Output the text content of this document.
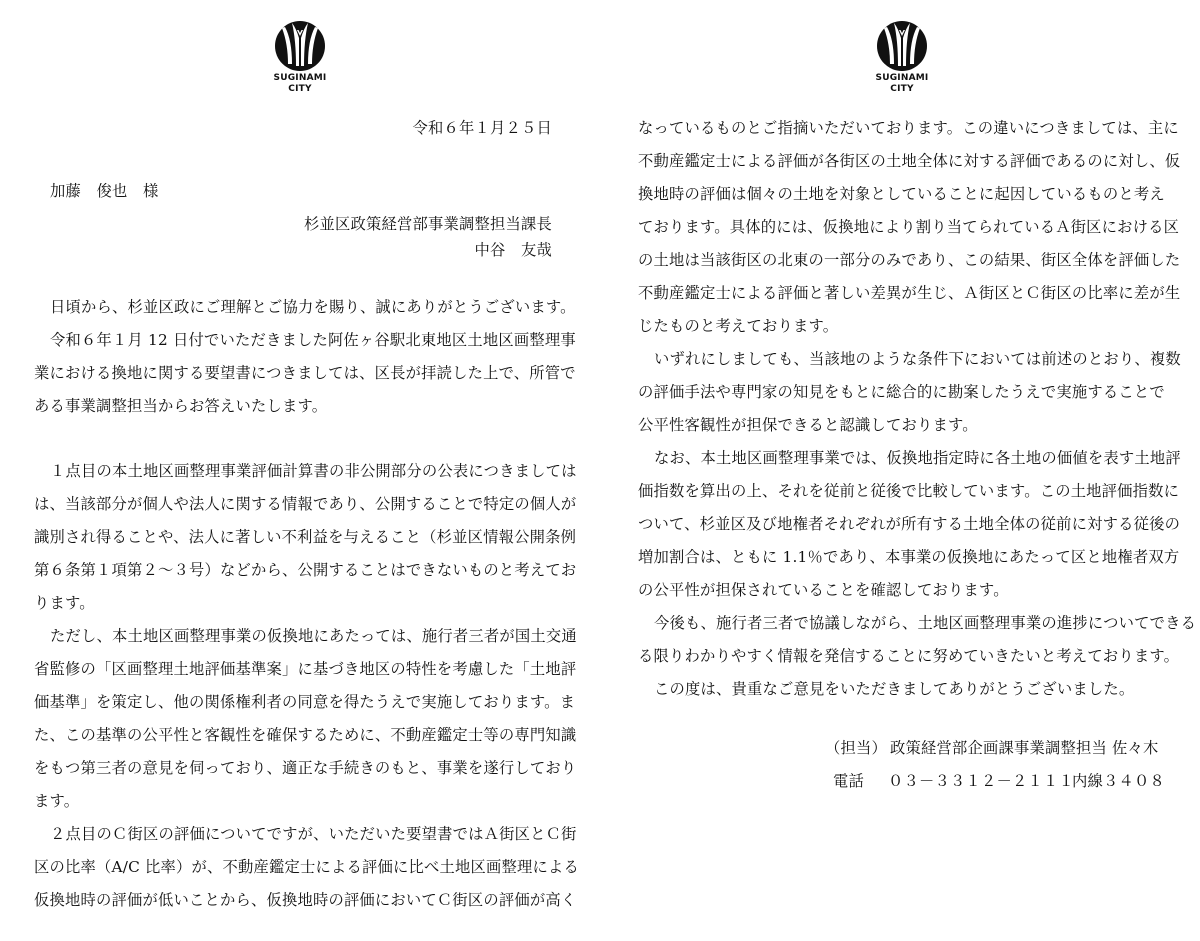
SUGINAMI
CITY
令和６年１月２５日
加藤　俊也　様
杉並区政策経営部事業調整担当課長
中谷　友哉
日頃から、杉並区政にご理解とご協力を賜り、誠にありがとうございます。
令和６年１月 12 日付でいただきました阿佐ヶ谷駅北東地区土地区画整理事
業における換地に関する要望書につきましては、区長が拝読した上で、所管で
ある事業調整担当からお答えいたします。
１点目の本土地区画整理事業評価計算書の非公開部分の公表につきましては
は、当該部分が個人や法人に関する情報であり、公開することで特定の個人が
識別され得ることや、法人に著しい不利益を与えること（杉並区情報公開条例
第６条第１項第２～３号）などから、公開することはできないものと考えてお
ります。
ただし、本土地区画整理事業の仮換地にあたっては、施行者三者が国土交通
省監修の「区画整理土地評価基準案」に基づき地区の特性を考慮した「土地評
価基準」を策定し、他の関係権利者の同意を得たうえで実施しております。ま
た、この基準の公平性と客観性を確保するために、不動産鑑定士等の専門知識
をもつ第三者の意見を伺っており、適正な手続きのもと、事業を遂行しており
ます。
２点目のＣ街区の評価についてですが、いただいた要望書ではＡ街区とＣ街
区の比率（A/C 比率）が、不動産鑑定士による評価に比べ土地区画整理による
仮換地時の評価が低いことから、仮換地時の評価においてＣ街区の評価が高く
SUGINAMI
CITY
なっているものとご指摘いただいております。この違いにつきましては、主に
不動産鑑定士による評価が各街区の土地全体に対する評価であるのに対し、仮
換地時の評価は個々の土地を対象としていることに起因しているものと考え
ております。具体的には、仮換地により割り当てられているＡ街区における区
の土地は当該街区の北東の一部分のみであり、この結果、街区全体を評価した
不動産鑑定士による評価と著しい差異が生じ、Ａ街区とＣ街区の比率に差が生
じたものと考えております。
いずれにしましても、当該地のような条件下においては前述のとおり、複数
の評価手法や専門家の知見をもとに総合的に勘案したうえで実施することで
公平性客観性が担保できると認識しております。
なお、本土地区画整理事業では、仮換地指定時に各土地の価値を表す土地評
価指数を算出の上、それを従前と従後で比較しています。この土地評価指数に
ついて、杉並区及び地権者それぞれが所有する土地全体の従前に対する従後の
増加割合は、ともに 1.1％であり、本事業の仮換地にあたって区と地権者双方
の公平性が担保されていることを確認しております。
今後も、施行者三者で協議しながら、土地区画整理事業の進捗についてできる
る限りわかりやすく情報を発信することに努めていきたいと考えております。
この度は、貴重なご意見をいただきましてありがとうございました。
（担当） 政策経営部企画課事業調整担当 佐々木
電話 ０３－３３１２－２１１１
内線３４０８
